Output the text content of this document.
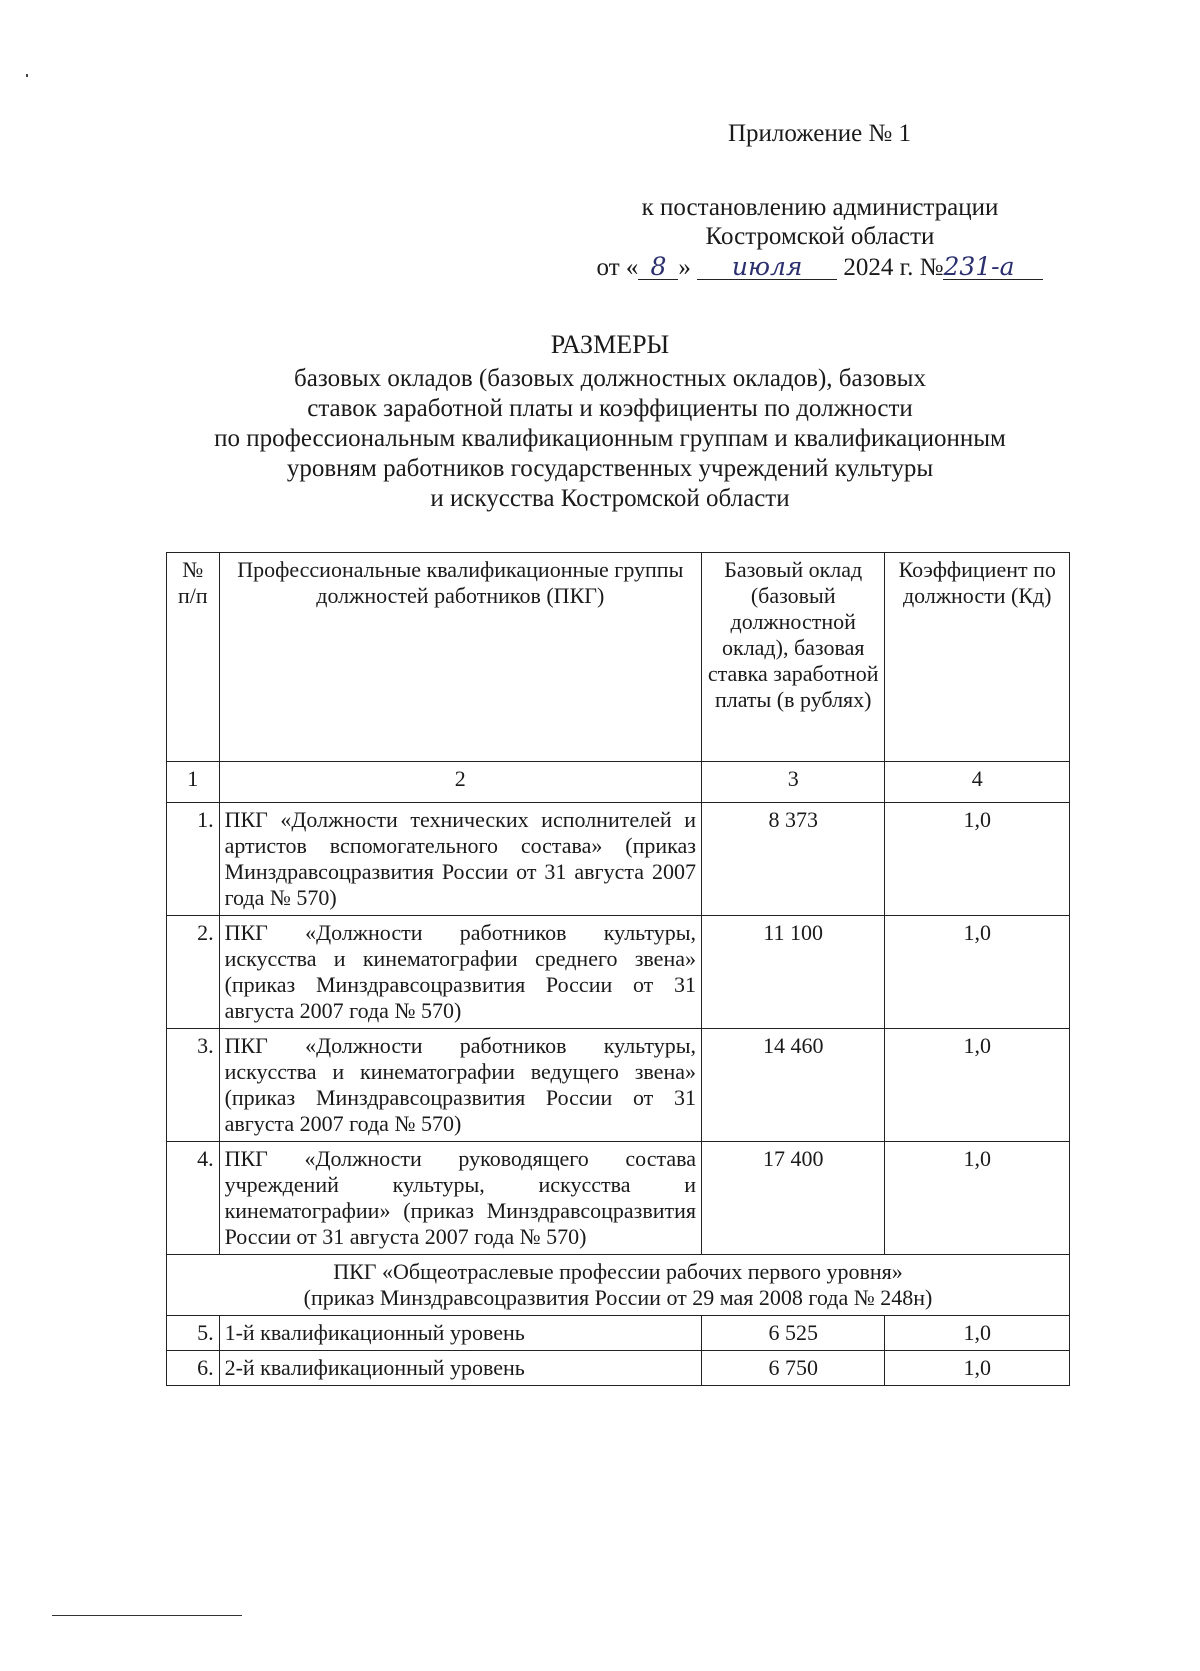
Приложение № 1
к постановлению администрации
Костромской области
от « 8 » июля 2024 г. №231-а
РАЗМЕРЫ
базовых окладов (базовых должностных окладов), базовых
ставок заработной платы и коэффициенты по должности
по профессиональным квалификационным группам и квалификационным
уровням работников государственных учреждений культуры
и искусства Костромской области
№ п/п	Профессиональные квалификационные группы должностей работников (ПКГ)	Базовый оклад (базовый должностной оклад), базовая ставка заработной платы (в рублях)	Коэффициент по должности (Кд)
1	2	3	4
1.	ПКГ «Должности технических исполнителей и артистов вспомогательного состава» (приказ Минздравсоцразвития России от 31 августа 2007 года № 570)	8 373	1,0
2.	ПКГ «Должности работников культуры, искусства и кинематографии среднего звена» (приказ Минздравсоцразвития России от 31 августа 2007 года № 570)	11 100	1,0
3.	ПКГ «Должности работников культуры, искусства и кинематографии ведущего звена» (приказ Минздравсоцразвития России от 31 августа 2007 года № 570)	14 460	1,0
4.	ПКГ «Должности руководящего состава учреждений культуры, искусства и кинематографии» (приказ Минздравсоцразвития России от 31 августа 2007 года № 570)	17 400	1,0

ПКГ «Общеотраслевые профессии рабочих первого уровня»
(приказ Минздравсоцразвития России от 29 мая 2008 года № 248н)			

5.	1-й квалификационный уровень	6 525	1,0
6.	2-й квалификационный уровень	6 750	1,0
